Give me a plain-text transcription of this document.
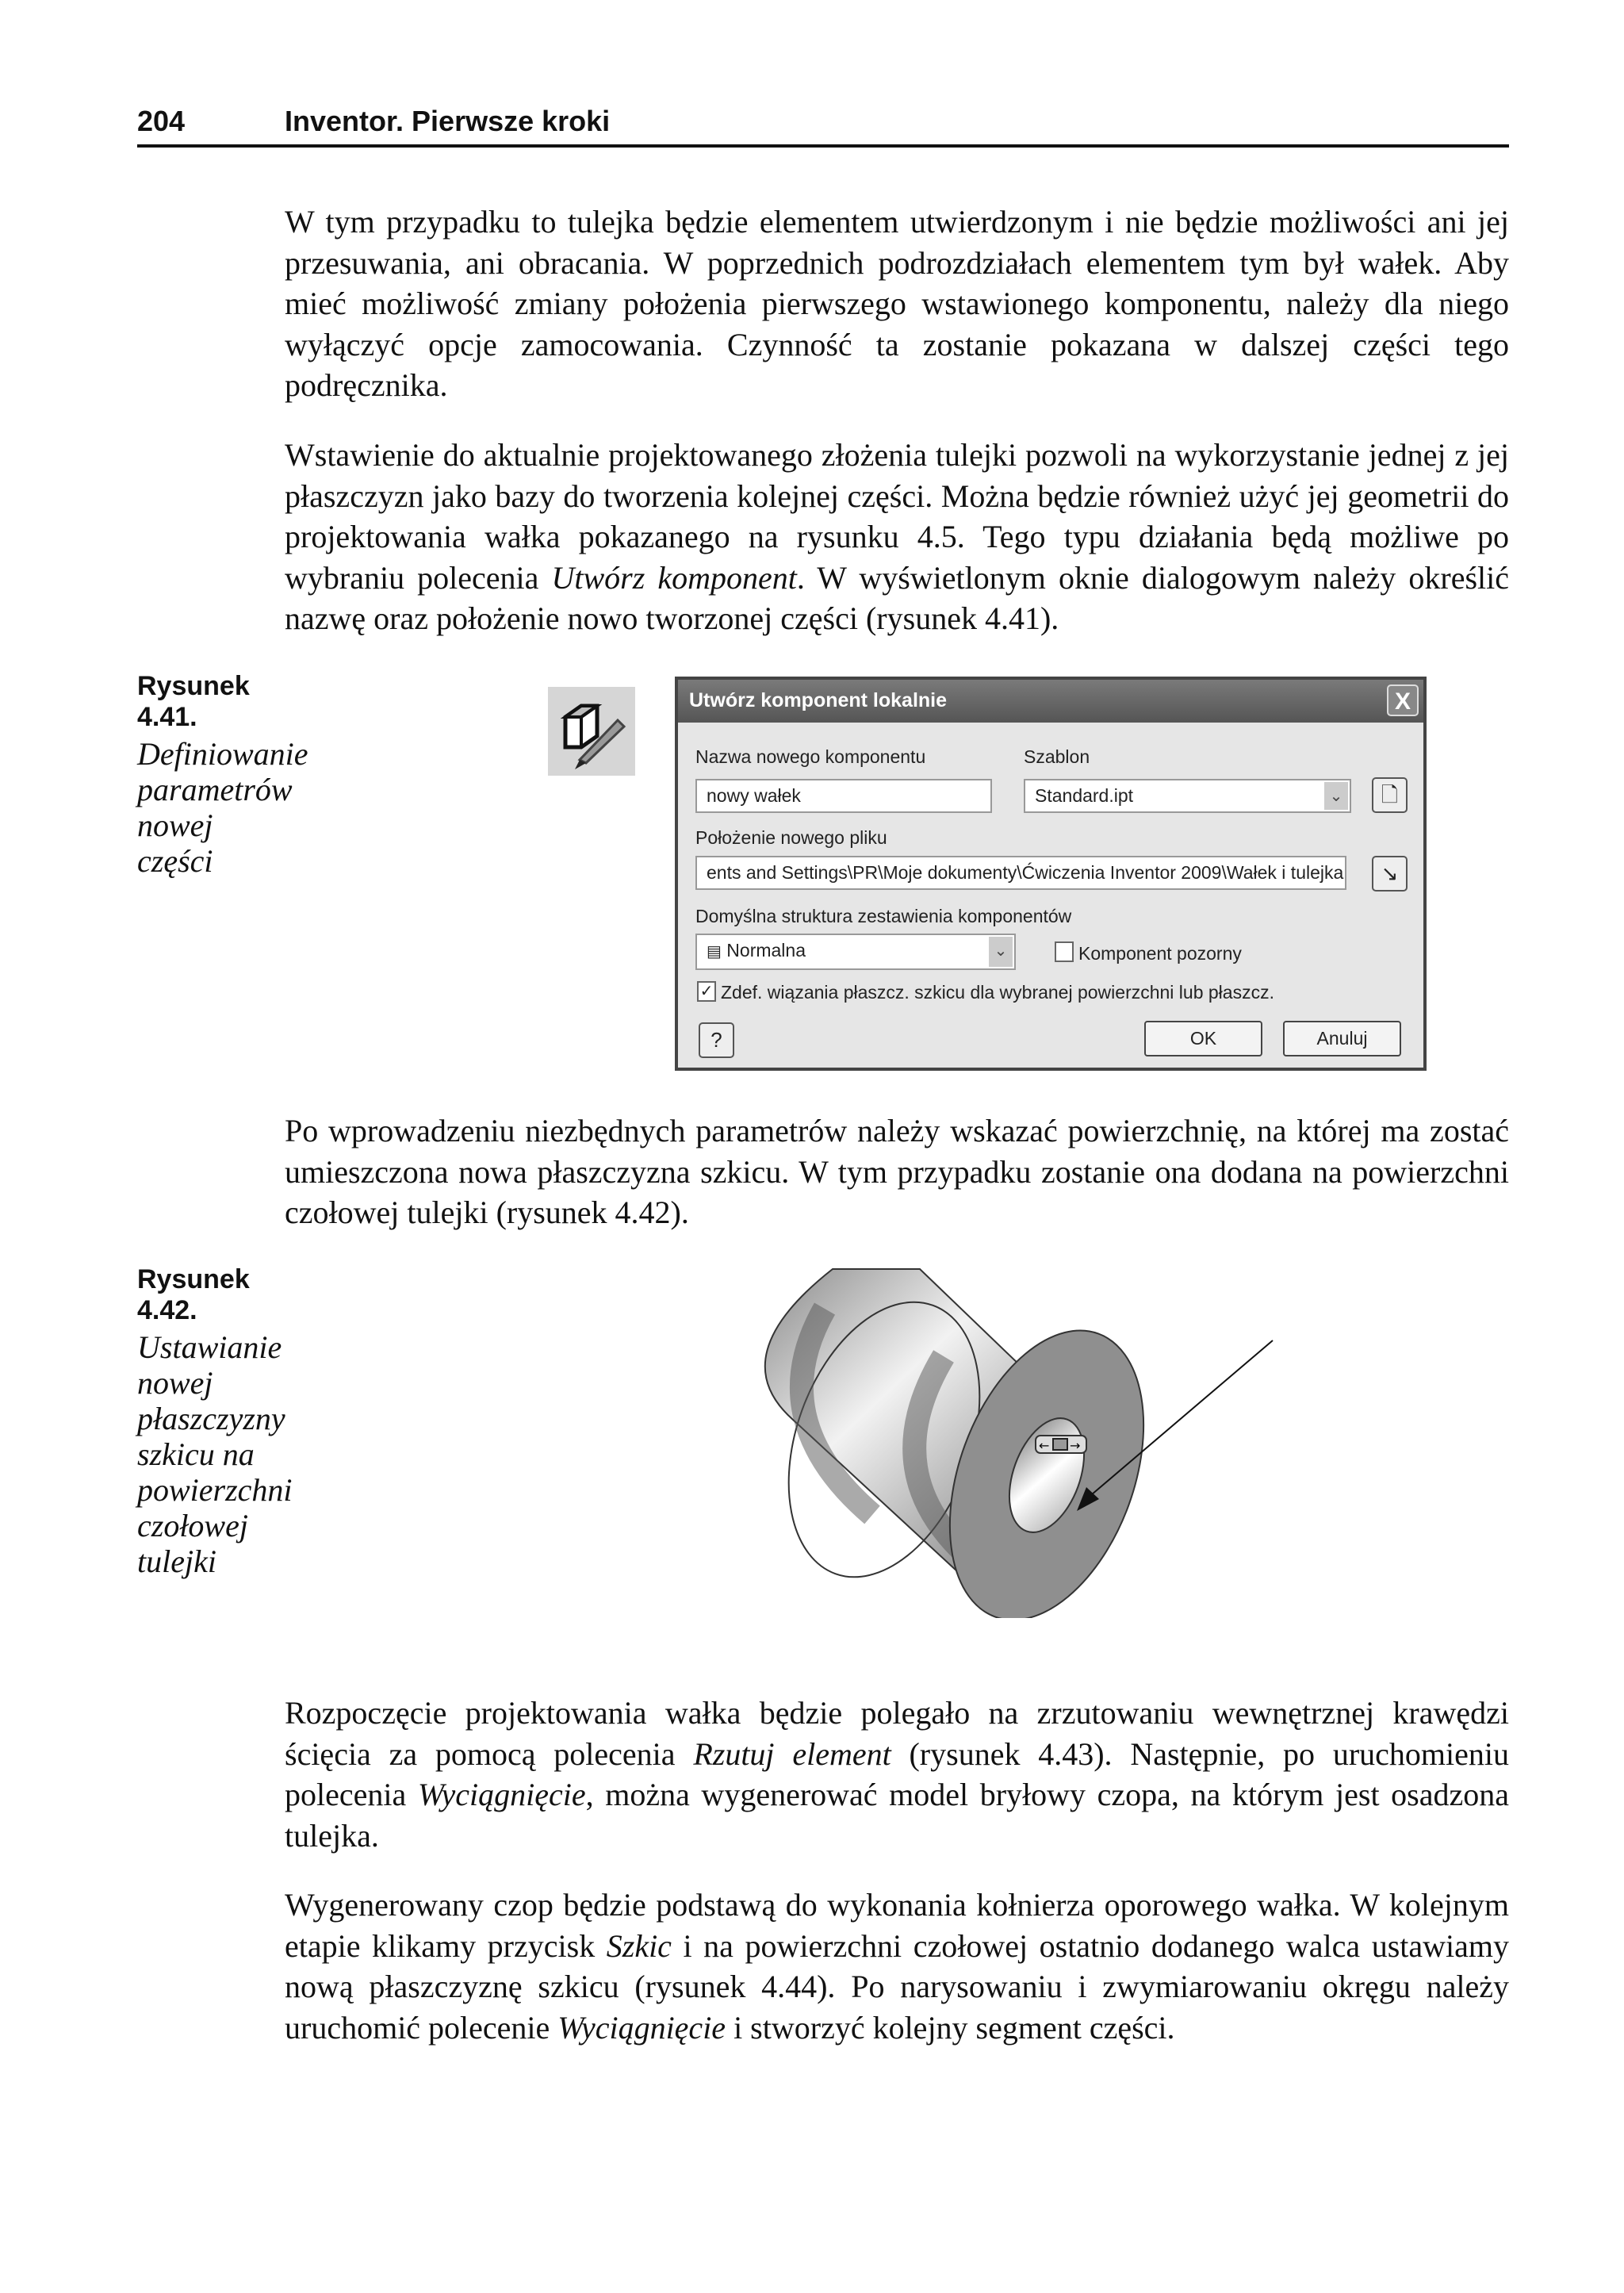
204	Inventor. Pierwsze kroki
W tym przypadku to tulejka będzie elementem utwierdzonym i nie będzie możliwości ani jej przesuwania, ani obracania. W poprzednich podrozdziałach elementem tym był wałek. Aby mieć możliwość zmiany położenia pierwszego wstawionego komponentu, należy dla niego wyłączyć opcje zamocowania. Czynność ta zostanie pokazana w dalszej części tego podręcznika.
Wstawienie do aktualnie projektowanego złożenia tulejki pozwoli na wykorzystanie jednej z jej płaszczyzn jako bazy do tworzenia kolejnej części. Można będzie również użyć jej geometrii do projektowania wałka pokazanego na rysunku 4.5. Tego typu działania będą możliwe po wybraniu polecenia Utwórz komponent. W wyświetlonym oknie dialogowym należy określić nazwę oraz położenie nowo tworzonej części (rysunek 4.41).
Rysunek 4.41.
Definiowanie parametrów nowej części
Utwórz komponent lokalnie	X
Nazwa nowego komponentu
nowy wałek
Szablon
Standard.ipt	⌄	🗋
Położenie nowego pliku
ents and Settings\PR\Moje dokumenty\Ćwiczenia Inventor 2009\Wałek i tulejka	↘
Domyślna struktura zestawienia komponentów
▤ Normalna	⌄	Komponent pozorny
✓ Zdef. wiązania płaszcz. szkicu dla wybranej powierzchni lub płaszcz.
?	OK	Anuluj
Po wprowadzeniu niezbędnych parametrów należy wskazać powierzchnię, na której ma zostać umieszczona nowa płaszczyzna szkicu. W tym przypadku zostanie ona dodana na powierzchni czołowej tulejki (rysunek 4.42).
Rysunek 4.42.
Ustawianie nowej płaszczyzny szkicu na powierzchni czołowej tulejki
← →
Rozpoczęcie projektowania wałka będzie polegało na zrzutowaniu wewnętrznej krawędzi ścięcia za pomocą polecenia Rzutuj element (rysunek 4.43). Następnie, po uruchomieniu polecenia Wyciągnięcie, można wygenerować model bryłowy czopa, na którym jest osadzona tulejka.
Wygenerowany czop będzie podstawą do wykonania kołnierza oporowego wałka. W kolejnym etapie klikamy przycisk Szkic i na powierzchni czołowej ostatnio dodanego walca ustawiamy nową płaszczyznę szkicu (rysunek 4.44). Po narysowaniu i zwymiarowaniu okręgu należy uruchomić polecenie Wyciągnięcie i stworzyć kolejny segment części.
